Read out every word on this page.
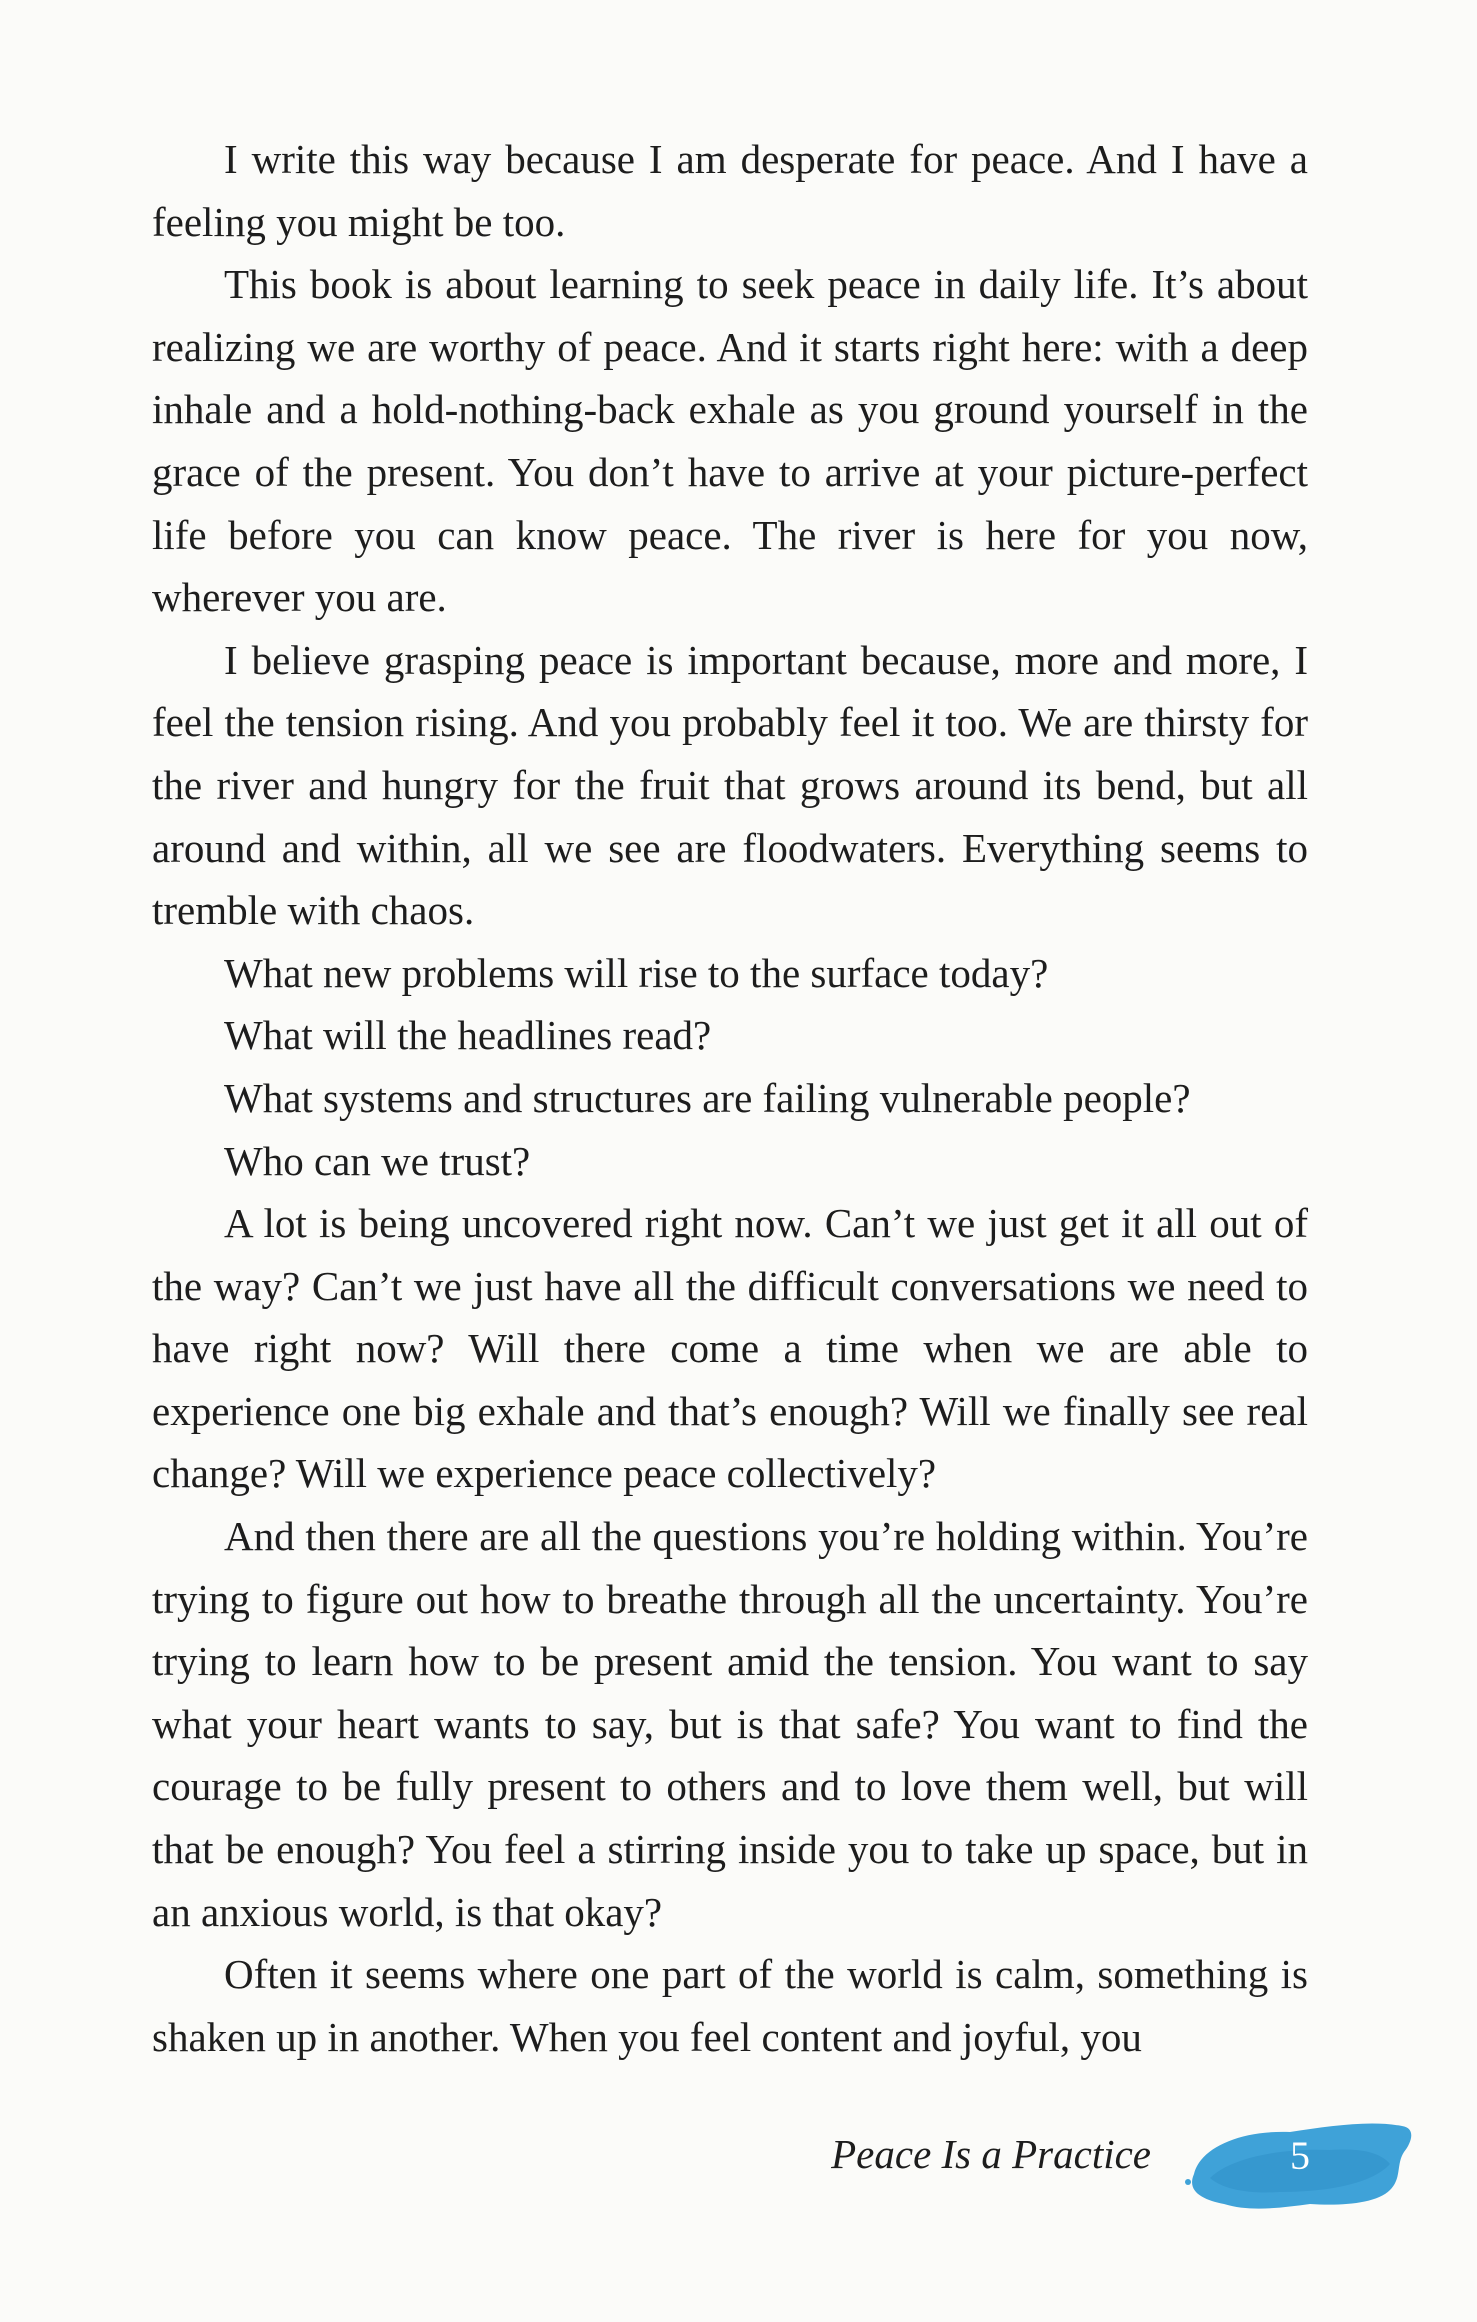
I write this way because I am desperate for peace. And I have a feeling you might be too.

This book is about learning to seek peace in daily life. It’s about realizing we are worthy of peace. And it starts right here: with a deep inhale and a hold-nothing-back exhale as you ground yourself in the grace of the present. You don’t have to arrive at your picture-perfect life before you can know peace. The river is here for you now, wherever you are.

I believe grasping peace is important because, more and more, I feel the tension rising. And you probably feel it too. We are thirsty for the river and hungry for the fruit that grows around its bend, but all around and within, all we see are floodwaters. Everything seems to tremble with chaos.

What new problems will rise to the surface today?

What will the headlines read?

What systems and structures are failing vulnerable people?

Who can we trust?

A lot is being uncovered right now. Can’t we just get it all out of the way? Can’t we just have all the difficult conversations we need to have right now? Will there come a time when we are able to experience one big exhale and that’s enough? Will we finally see real change? Will we experience peace collectively?

And then there are all the questions you’re holding within. You’re trying to figure out how to breathe through all the uncertainty. You’re trying to learn how to be present amid the tension. You want to say what your heart wants to say, but is that safe? You want to find the courage to be fully present to others and to love them well, but will that be enough? You feel a stirring inside you to take up space, but in an anxious world, is that okay?

Often it seems where one part of the world is calm, something is shaken up in another. When you feel content and joyful, you

Peace Is a Practice	5
